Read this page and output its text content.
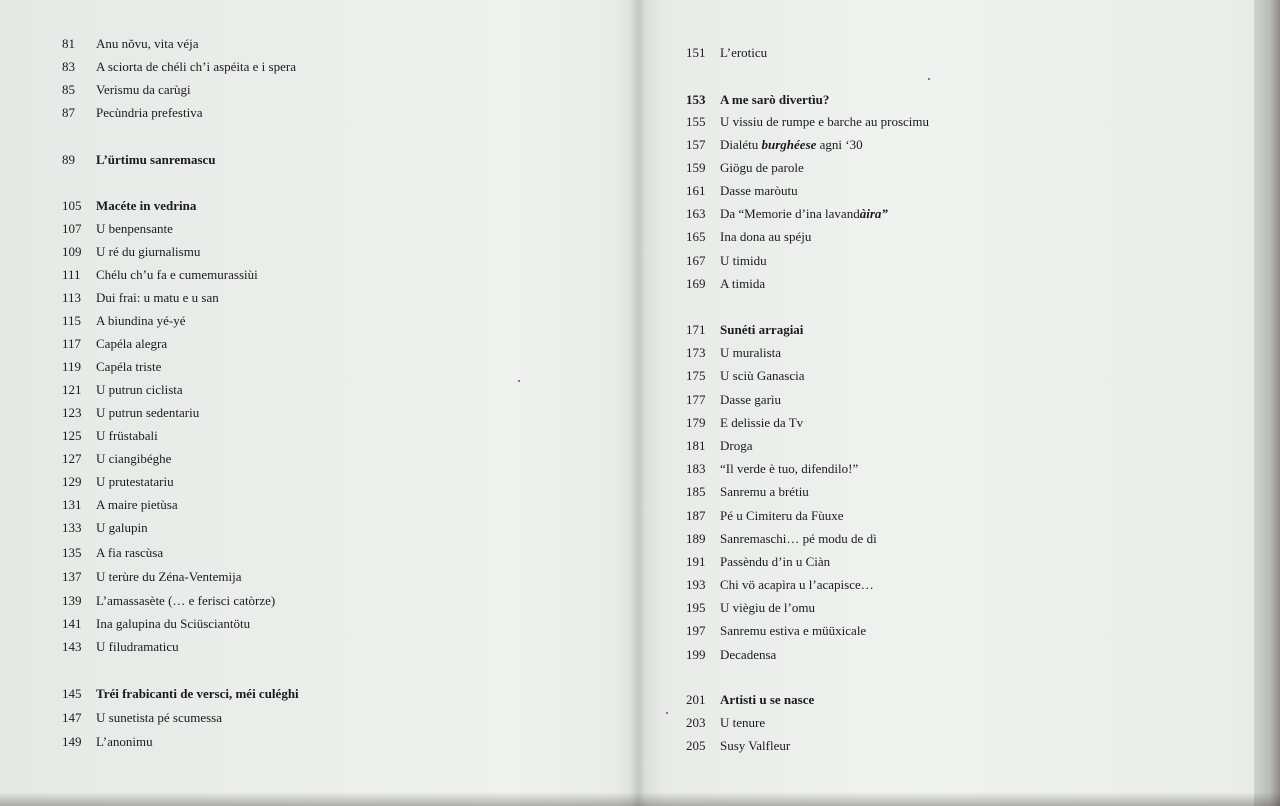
81 Anu nŏvu, vita véja
83 A sciorta de chéli ch’i aspéita e i spera
85 Verismu da carùgi
87 Pecùndria prefestiva
89 L’ürtimu sanremascu
105 Macéte in vedrina
107 U benpensante
109 U ré du giurnalismu
111 Chélu ch’u fa e cumemurassiùi
113 Dui frai: u matu e u san
115 A biundina yé-yé
117 Capéla alegra
119 Capéla triste
121 U putrun ciclista
123 U putrun sedentariu
125 U früstabali
127 U ciangibéghe
129 U prutestatariu
131 A maire pietùsa
133 U galupin
135 A fia rascùsa
137 U terùre du Zéna-Ventemija
139 L’amassasète (… e ferisci catòrze)
141 Ina galupina du Sciüsciantötu
143 U filudramaticu
145 Tréi frabicanti de versci, méi culéghi
147 U sunetista pé scumessa
149 L’anonimu
151 L’eroticu
153 A me sarò divertìu?
155 U vissiu de rumpe e barche au proscimu
157 Dialétu burghéese agni ‘30
159 Giögu de parole
161 Dasse maròutu
163 Da “Memorie d’ina lavandàira”
165 Ina dona au spéju
167 U timidu
169 A timida
171 Sunéti arragiai
173 U muralista
175 U sciù Ganascia
177 Dasse garìu
179 E delissie da Tv
181 Droga
183 “Il verde è tuo, difendilo!”
185 Sanremu a brétiu
187 Pé u Cimiteru da Fùuxe
189 Sanremaschi… pé modu de dì
191 Passèndu d’in u Ciàn
193 Chi vö acapìra u l’acapisce…
195 U viègiu de l’omu
197 Sanremu estiva e müüxicale
199 Decadensa
201 Artisti u se nasce
203 U tenure
205 Susy Valfleur
